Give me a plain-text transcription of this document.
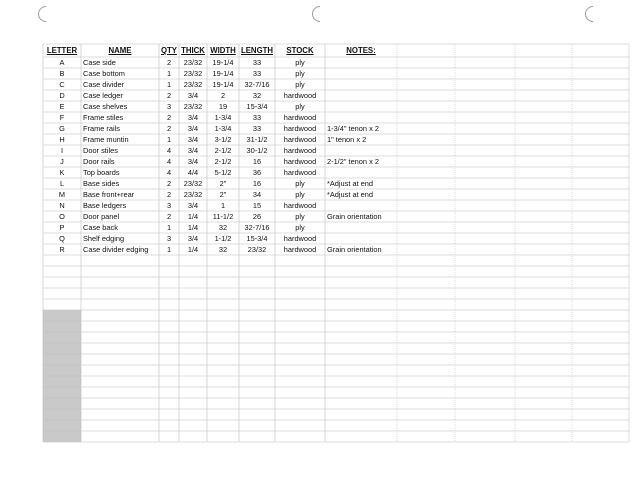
LETTER	NAME	QTY	THICK	WIDTH	LENGTH	STOCK	NOTES:				
A	Case side	2	23/32	19-1/4	33	ply					
B	Case bottom	1	23/32	19-1/4	33	ply					
C	Case divider	1	23/32	19-1/4	32-7/16	ply					
D	Case ledger	2	3/4	2	32	hardwood					
E	Case shelves	3	23/32	19	15-3/4	ply					
F	Frame stiles	2	3/4	1-3/4	33	hardwood					
G	Frame rails	2	3/4	1-3/4	33	hardwood	1-3/4" tenon x 2				
H	Frame muntin	1	3/4	3-1/2	31-1/2	hardwood	1" tenon x 2				
I	Door stiles	4	3/4	2-1/2	30-1/2	hardwood					
J	Door rails	4	3/4	2-1/2	16	hardwood	2-1/2" tenon x 2				
K	Top boards	4	4/4	5-1/2	36	hardwood					
L	Base sides	2	23/32	2"	16	ply	*Adjust at end				
M	Base front+rear	2	23/32	2"	34	ply	*Adjust at end				
N	Base ledgers	3	3/4	1	15	hardwood					
O	Door panel	2	1/4	11-1/2	26	ply	Grain orientation				
P	Case back	1	1/4	32	32-7/16	ply					
Q	Shelf edging	3	3/4	1-1/2	15-3/4	hardwood					
R	Case divider edging	1	1/4	32	23/32	hardwood	Grain orientation				
